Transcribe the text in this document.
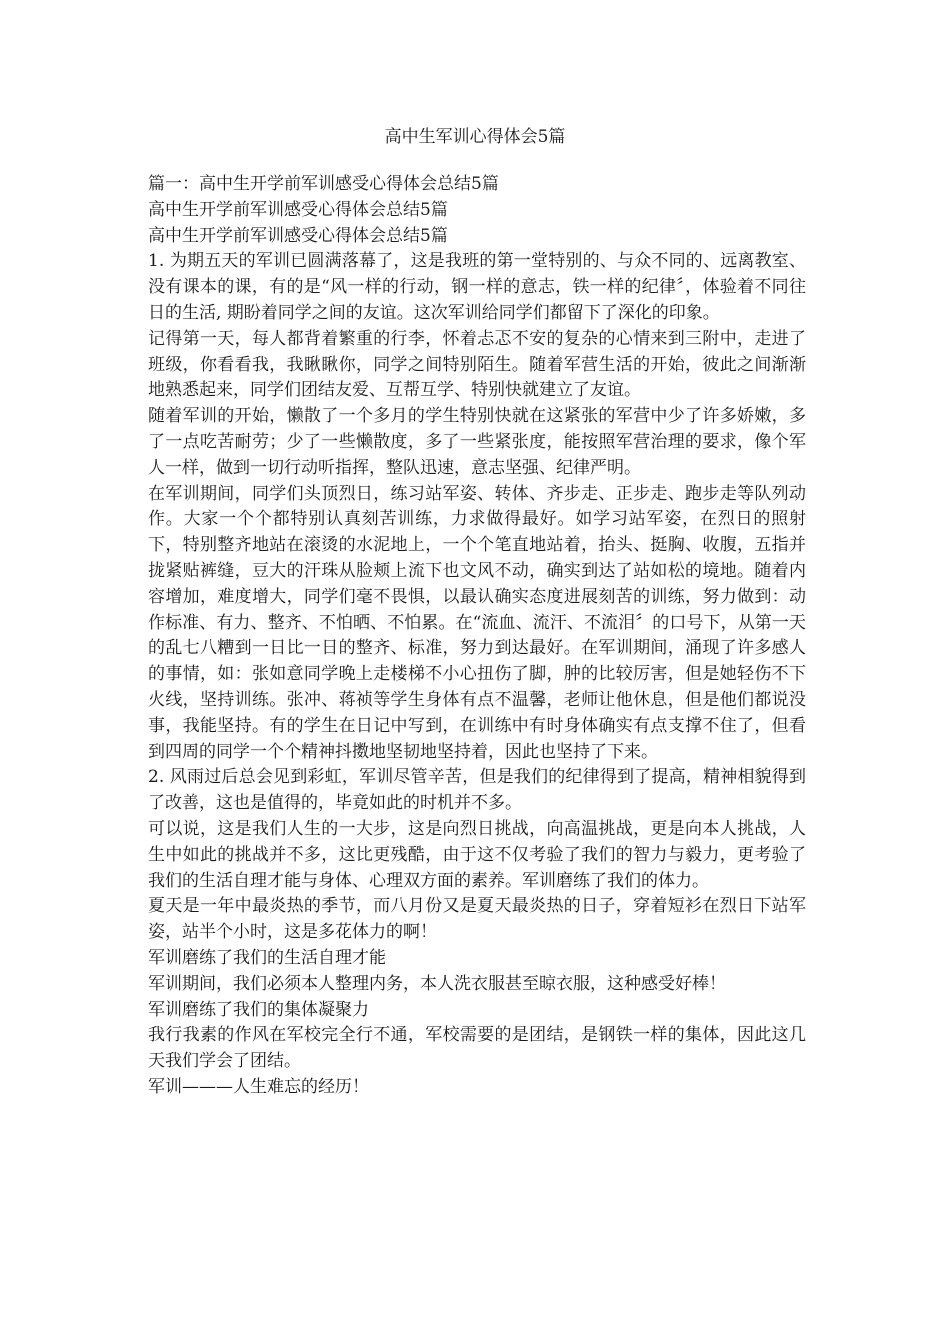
高中生军训心得体会5篇

篇一：高中生开学前军训感受心得体会总结5篇

高中生开学前军训感受心得体会总结5篇

高中生开学前军训感受心得体会总结5篇

1. 为期五天的军训已圆满落幕了，这是我班的第一堂特别的、与众不同的、远离教室、没有课本的课，有的是“风一样的行动，钢一样的意志，铁一样的纪律〞，体验着不同往日的生活, 期盼着同学之间的友谊。这次军训给同学们都留下了深化的印象。

记得第一天，每人都背着繁重的行李，怀着忐忑不安的复杂的心情来到三附中，走进了班级，你看看我，我瞅瞅你，同学之间特别陌生。随着军营生活的开始，彼此之间渐渐地熟悉起来，同学们团结友爱、互帮互学、特别快就建立了友谊。

随着军训的开始，懒散了一个多月的学生特别快就在这紧张的军营中少了许多娇嫩，多了一点吃苦耐劳；少了一些懒散度，多了一些紧张度，能按照军营治理的要求，像个军人一样，做到一切行动听指挥，整队迅速，意志坚强、纪律严明。

在军训期间，同学们头顶烈日，练习站军姿、转体、齐步走、正步走、跑步走等队列动作。大家一个个都特别认真刻苦训练，力求做得最好。如学习站军姿，在烈日的照射下，特别整齐地站在滚烫的水泥地上，一个个笔直地站着，抬头、挺胸、收腹，五指并拢紧贴裤缝，豆大的汗珠从脸颊上流下也文风不动，确实到达了站如松的境地。随着内容增加，难度增大，同学们毫不畏惧，以最认确实态度进展刻苦的训练，努力做到：动作标准、有力、整齐、不怕晒、不怕累。在“流血、流汗、不流泪〞的口号下，从第一天的乱七八糟到一日比一日的整齐、标准，努力到达最好。在军训期间，涌现了许多感人的事情，如：张如意同学晚上走楼梯不小心扭伤了脚，肿的比较厉害，但是她轻伤不下火线，坚持训练。张冲、蒋祯等学生身体有点不温馨，老师让他休息，但是他们都说没事，我能坚持。有的学生在日记中写到，在训练中有时身体确实有点支撑不住了，但看到四周的同学一个个精神抖擞地坚韧地坚持着，因此也坚持了下来。

2. 风雨过后总会见到彩虹，军训尽管辛苦，但是我们的纪律得到了提高，精神相貌得到了改善，这也是值得的，毕竟如此的时机并不多。

可以说，这是我们人生的一大步，这是向烈日挑战，向高温挑战，更是向本人挑战，人生中如此的挑战并不多，这比更残酷，由于这不仅考验了我们的智力与毅力，更考验了我们的生活自理才能与身体、心理双方面的素养。军训磨练了我们的体力。

夏天是一年中最炎热的季节，而八月份又是夏天最炎热的日子，穿着短衫在烈日下站军姿，站半个小时，这是多花体力的啊！

军训磨练了我们的生活自理才能

军训期间，我们必须本人整理内务，本人洗衣服甚至晾衣服，这种感受好棒！

军训磨练了我们的集体凝聚力

我行我素的作风在军校完全行不通，军校需要的是团结，是钢铁一样的集体，因此这几天我们学会了团结。

军训———人生难忘的经历！
